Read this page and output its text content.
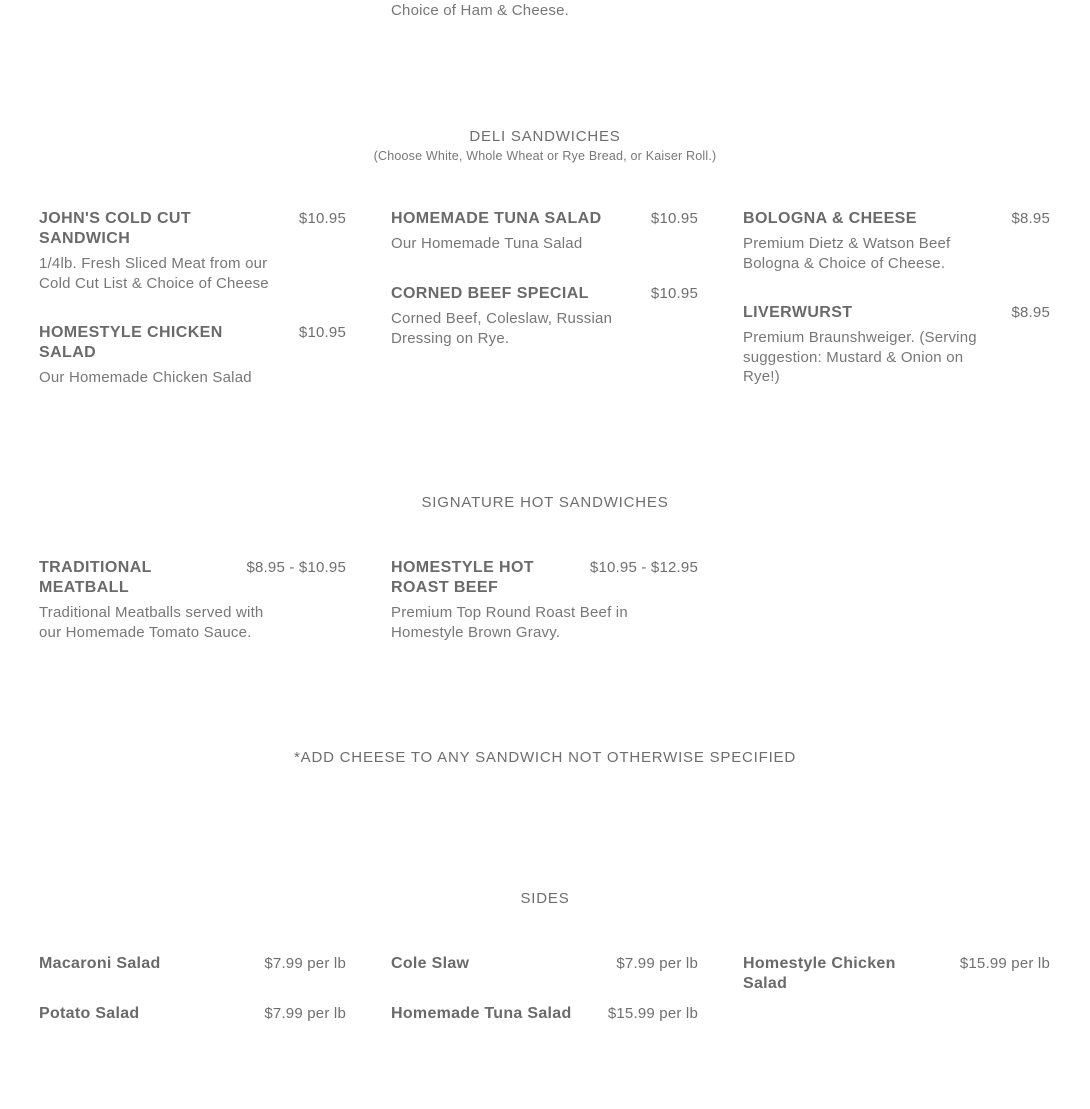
Choice of Ham & Cheese.
DELI SANDWICHES
(Choose White, Whole Wheat or Rye Bread, or Kaiser Roll.)
JOHN'S COLD CUT SANDWICH
$10.95
1/4lb. Fresh Sliced Meat from our Cold Cut List & Choice of Cheese
HOMESTYLE CHICKEN SALAD
$10.95
Our Homemade Chicken Salad
HOMEMADE TUNA SALAD	$10.95
Our Homemade Tuna Salad
CORNED BEEF SPECIAL	$10.95
Corned Beef, Coleslaw, Russian Dressing on Rye.
BOLOGNA & CHEESE	$8.95
Premium Dietz & Watson Beef Bologna & Choice of Cheese.
LIVERWURST	$8.95
Premium Braunshweiger. (Serving suggestion: Mustard & Onion on Rye!)
SIGNATURE HOT SANDWICHES
TRADITIONAL MEATBALL
$8.95 - $10.95
Traditional Meatballs served with our Homemade Tomato Sauce.
HOMESTYLE HOT ROAST BEEF
$10.95 - $12.95
Premium Top Round Roast Beef in Homestyle Brown Gravy.
*ADD CHEESE TO ANY SANDWICH NOT OTHERWISE SPECIFIED
SIDES
Macaroni Salad	$7.99 per lb
Potato Salad	$7.99 per lb
Cole Slaw	$7.99 per lb
Homemade Tuna Salad $15.99 per lb
Homestyle Chicken Salad
$15.99 per lb
